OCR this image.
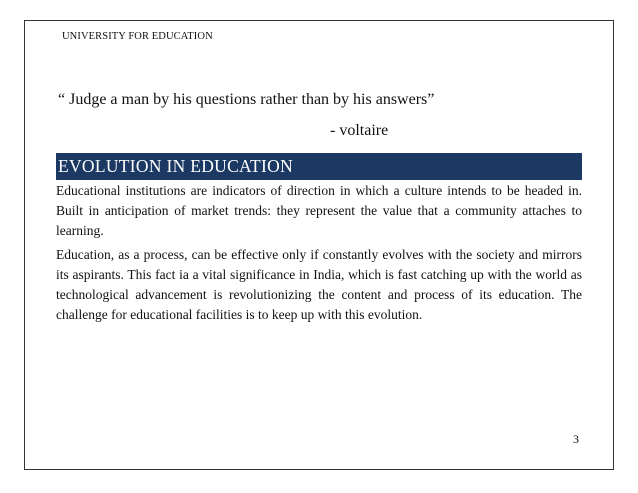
UNIVERSITY FOR EDUCATION
“ Judge a man by his questions rather than by his answers”
- voltaire
EVOLUTION IN EDUCATION
Educational institutions are indicators of direction in which a culture intends to be headed in. Built in anticipation of market trends: they represent the value that a community attaches to learning.
Education, as a process, can be effective only if constantly evolves with the society and mirrors its aspirants. This fact ia a vital significance in India, which is fast catching up with the world as technological advancement is revolutionizing the content and process of its education. The challenge for educational facilities is to keep up with this evolution.
3
